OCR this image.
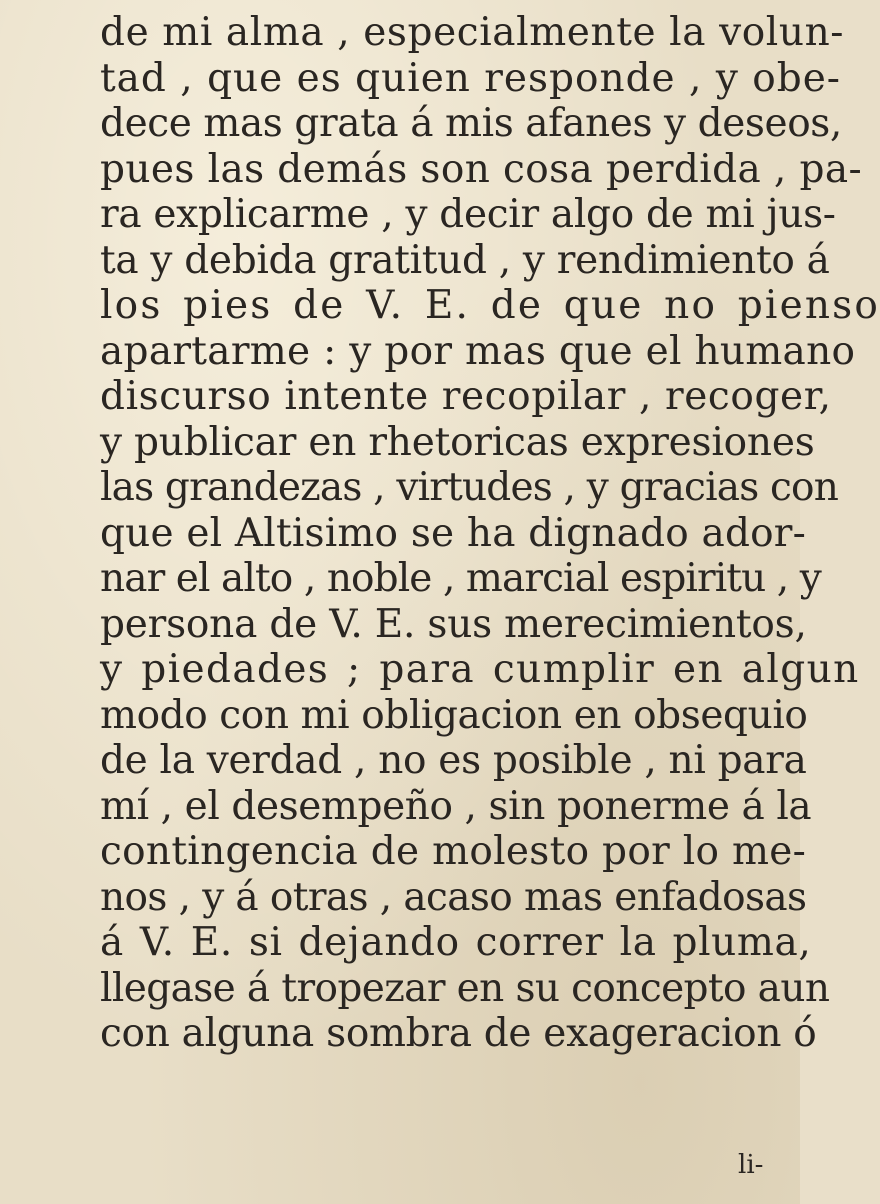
de mi alma , especialmente la volun-
tad , que es quien responde , y obe-
dece mas grata á mis afanes y deseos,
pues las demás son cosa perdida , pa-
ra explicarme , y decir algo de mi jus-
ta y debida gratitud , y rendimiento á
los pies de V. E. de que no pienso
apartarme : y por mas que el humano
discurso intente recopilar , recoger,
y publicar en rhetoricas expresiones
las grandezas , virtudes , y gracias con
que el Altisimo se ha dignado ador-
nar el alto , noble , marcial espiritu , y
persona de V. E. sus merecimientos,
y piedades ; para cumplir en algun
modo con mi obligacion en obsequio
de la verdad , no es posible , ni para
mí , el desempeño , sin ponerme á la
contingencia de molesto por lo me-
nos , y á otras , acaso mas enfadosas
á V. E. si dejando correr la pluma,
llegase á tropezar en su concepto aun
con alguna sombra de exageracion ó
li-
